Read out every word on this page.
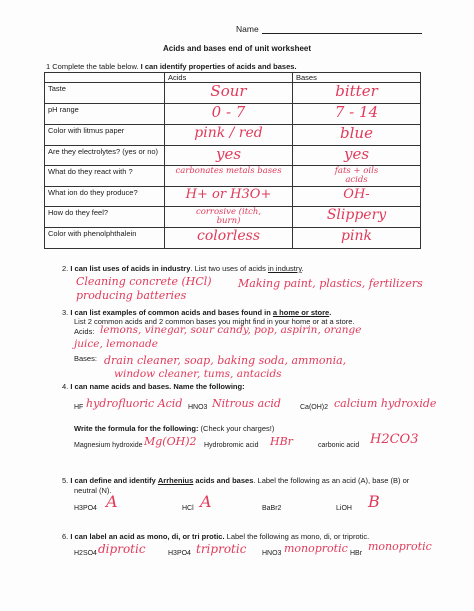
Name
Acids and bases end of unit worksheet
1 Complete the table below. I can identify properties of acids and bases.
	Acids	Bases
Taste	Sour	bitter

pH range	0 - 7	7 - 14

Color with litmus paper	pink / red	blue

Are they electrolytes? (yes or no)	yes	yes

What do they react with ?	carbonates metals bases	fats + oils acids

What ion do they produce?	H+ or H3O+	OH-

How do they feel?	corrosive (itch, burn)	Slippery

Color with phenolphthalein	colorless	pink
2. I can list uses of acids in industry. List two uses of acids in industry.
Cleaning concrete (HCl) Making paint, plastics, fertilizers
producing batteries
3. I can list examples of common acids and bases found in a home or store.
List 2 common acids and 2 common bases you might find in your home or at a store.
Acids: lemons, vinegar, sour candy, pop, aspirin, orange
juice, lemonade
Bases: drain cleaner, soap, baking soda, ammonia,
window cleaner, tums, antacids
4. I can name acids and bases. Name the following:
HF hydrofluoric Acid HNO3 Nitrous acid	Ca(OH)2 calcium hydroxide
Write the formula for the following: (Check your charges!)
Magnesium hydroxide Mg(OH)2 Hydrobromic acid HBr	carbonic acid H2CO3
5. I can define and identify Arrhenius acids and bases. Label the following as an acid (A), base (B) or
neutral (N).
H3PO4 A	HCl A	BaBr2	LiOH B
6. I can label an acid as mono, di, or tri protic. Label the following as mono, di, or triprotic.
H2SO4 diprotic	H3PO4 triprotic HNO3 monoprotic HBr
monoprotic
